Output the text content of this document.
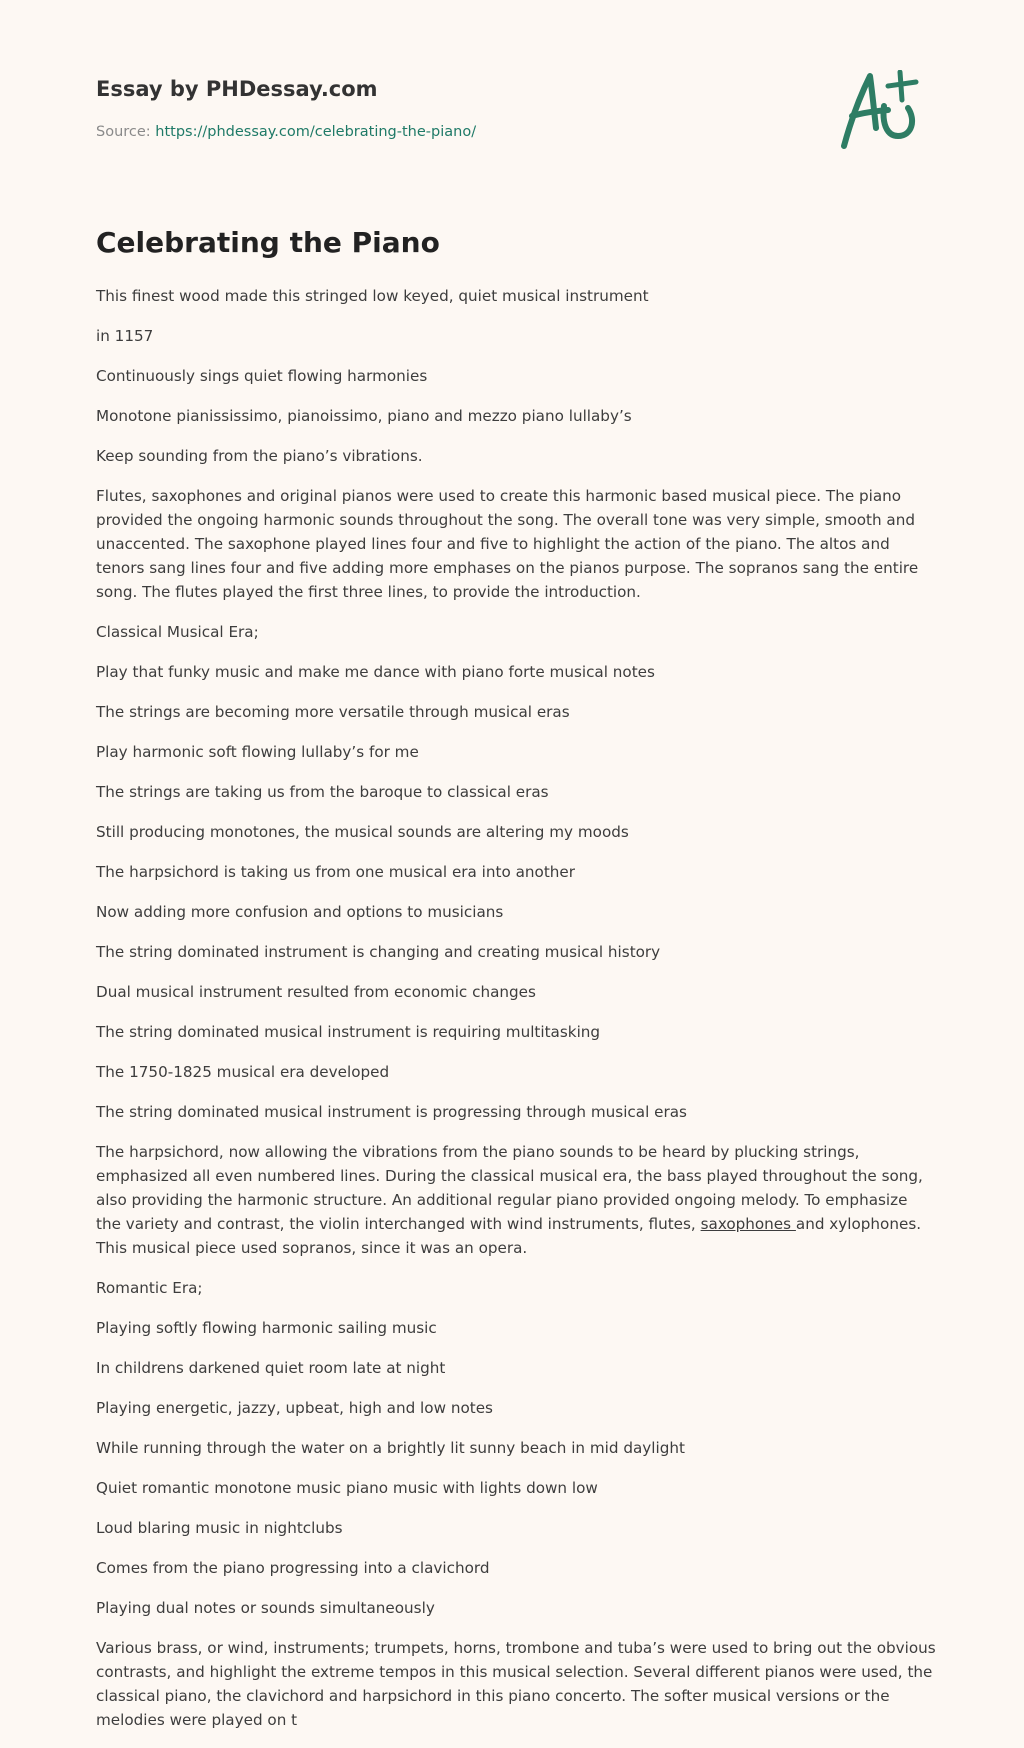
Essay by PHDessay.com

Source: https://phdessay.com/celebrating-the-piano/

Celebrating the Piano

This finest wood made this stringed low keyed, quiet musical instrument

in 1157

Continuously sings quiet flowing harmonies

Monotone pianississimo, pianoissimo, piano and mezzo piano lullaby’s

Keep sounding from the piano’s vibrations.

Flutes, saxophones and original pianos were used to create this harmonic based musical piece. The piano provided the ongoing harmonic sounds throughout the song. The overall tone was very simple, smooth and unaccented. The saxophone played lines four and five to highlight the action of the piano. The altos and tenors sang lines four and five adding more emphases on the pianos purpose. The sopranos sang the entire song. The flutes played the first three lines, to provide the introduction.

Classical Musical Era;

Play that funky music and make me dance with piano forte musical notes

The strings are becoming more versatile through musical eras

Play harmonic soft flowing lullaby’s for me

The strings are taking us from the baroque to classical eras

Still producing monotones, the musical sounds are altering my moods

The harpsichord is taking us from one musical era into another

Now adding more confusion and options to musicians

The string dominated instrument is changing and creating musical history

Dual musical instrument resulted from economic changes

The string dominated musical instrument is requiring multitasking

The 1750-1825 musical era developed

The string dominated musical instrument is progressing through musical eras

The harpsichord, now allowing the vibrations from the piano sounds to be heard by plucking strings, emphasized all even numbered lines. During the classical musical era, the bass played throughout the song, also providing the harmonic structure. An additional regular piano provided ongoing melody. To emphasize the variety and contrast, the violin interchanged with wind instruments, flutes, saxophones and xylophones. This musical piece used sopranos, since it was an opera.

Romantic Era;

Playing softly flowing harmonic sailing music

In childrens darkened quiet room late at night

Playing energetic, jazzy, upbeat, high and low notes

While running through the water on a brightly lit sunny beach in mid daylight

Quiet romantic monotone music piano music with lights down low

Loud blaring music in nightclubs

Comes from the piano progressing into a clavichord

Playing dual notes or sounds simultaneously

Various brass, or wind, instruments; trumpets, horns, trombone and tuba’s were used to bring out the obvious contrasts, and highlight the extreme tempos in this musical selection. Several different pianos were used, the classical piano, the clavichord and harpsichord in this piano concerto. The softer musical versions or the melodies were played on t
